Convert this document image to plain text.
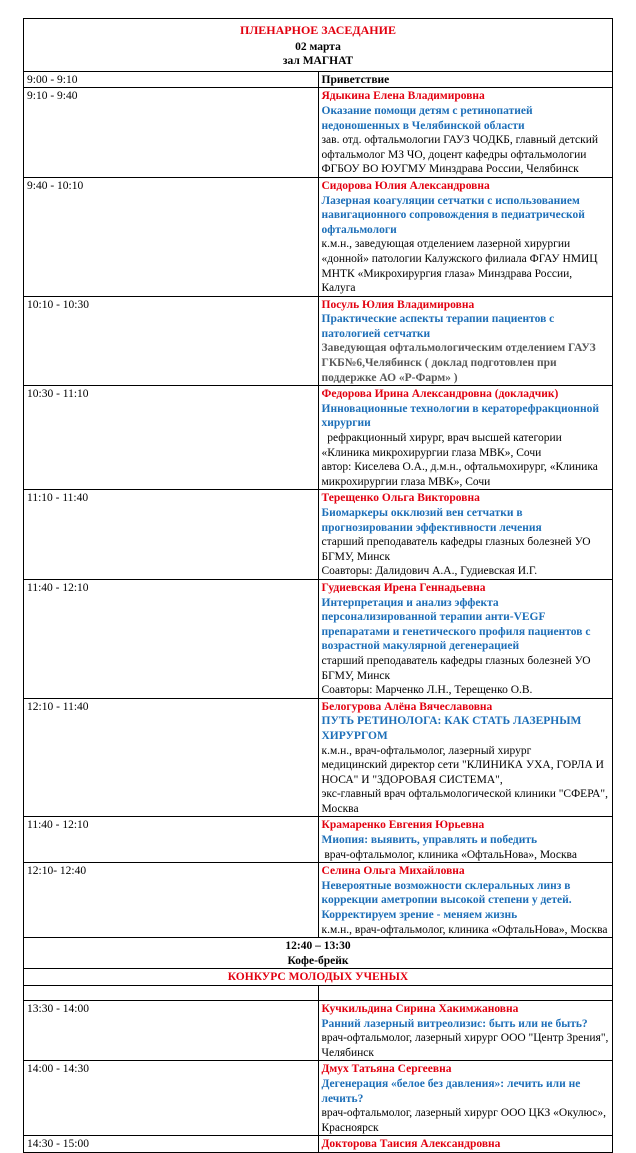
ПЛЕНАРНОЕ ЗАСЕДАНИЕ
02 марта
зал МАГНАТ	

9:00 - 9:10	Приветствие
9:10 - 9:40	Ядыкина Елена Владимировна
Оказание помощи детям с ретинопатией недоношенных в Челябинской области
зав. отд. офтальмологии ГАУЗ ЧОДКБ, главный детский офтальмолог МЗ ЧО, доцент кафедры офтальмологии ФГБОУ ВО ЮУГМУ Минздрава России, Челябинск

9:40 - 10:10	Сидорова Юлия Александровна
Лазерная коагуляции сетчатки с использованием навигационного сопровождения в педиатрической офтальмологи
к.м.н., заведующая отделением лазерной хирургии «донной» патологии Калужского филиала ФГАУ НМИЦ МНТК «Микрохирургия глаза» Минздрава России, Калуга

10:10 - 10:30	Посуль Юлия Владимировна
Практические аспекты терапии пациентов с патологией сетчатки
Заведующая офтальмологическим отделением ГАУЗ ГКБ№6,Челябинск ( доклад подготовлен при поддержке АО «Р-Фарм» )

10:30 - 11:10	Федорова Ирина Александровна (докладчик)
Инновационные технологии в кераторефракционной хирургии
рефракционный хирург, врач высшей категории «Клиника микрохирургии глаза МВК», Сочи
автор: Киселева О.А., д.м.н., офтальмохирург, «Клиника микрохирургии глаза МВК», Сочи

11:10 - 11:40	Терещенко Ольга Викторовна
Биомаркеры окклюзий вен сетчатки в прогнозировании эффективности лечения
старший преподаватель кафедры глазных болезней УО БГМУ, Минск
Соавторы: Далидович А.А., Гудиевская И.Г.

11:40 - 12:10	Гудиевская Ирена Геннадьевна
Интерпретация и анализ эффекта персонализированной терапии анти-VEGF препаратами и генетического профиля пациентов с возрастной макулярной дегенерацией
старший преподаватель кафедры глазных болезней УО БГМУ, Минск
Соавторы: Марченко Л.Н., Терещенко О.В.

12:10 - 11:40	Белогурова Алёна Вячеславовна
ПУТЬ РЕТИНОЛОГА: КАК СТАТЬ ЛАЗЕРНЫМ ХИРУРГОМ
к.м.н., врач-офтальмолог, лазерный хирург
медицинский директор сети "КЛИНИКА УХА, ГОРЛА И НОСА" И "ЗДОРОВАЯ СИСТЕМА",
экс-главный врач офтальмологической клиники "СФЕРА", Москва

11:40 - 12:10	Крамаренко Евгения Юрьевна
Миопия: выявить, управлять и победить
врач-офтальмолог, клиника «ОфтальНова», Москва

12:10- 12:40	Селина Ольга Михайловна
Невероятные возможности склеральных линз в коррекции аметропии высокой степени у детей. Корректируем зрение - меняем жизнь
к.м.н., врач-офтальмолог, клиника «ОфтальНова», Москва

12:40 – 13:30
Кофе-брейк	

КОНКУРС МОЛОДЫХ УЧЕНЫХ	

13:30 - 14:00	Кучкильдина Сирина Хакимжановна
Ранний лазерный витреолизис: быть или не быть?
врач-офтальмолог, лазерный хирург ООО "Центр Зрения", Челябинск

14:00 - 14:30	Дмух Татьяна Сергеевна
Дегенерация «белое без давления»: лечить или не лечить?
врач-офтальмолог, лазерный хирург ООО ЦКЗ «Окулюс», Красноярск

14:30 - 15:00	Докторова Таисия Александровна
